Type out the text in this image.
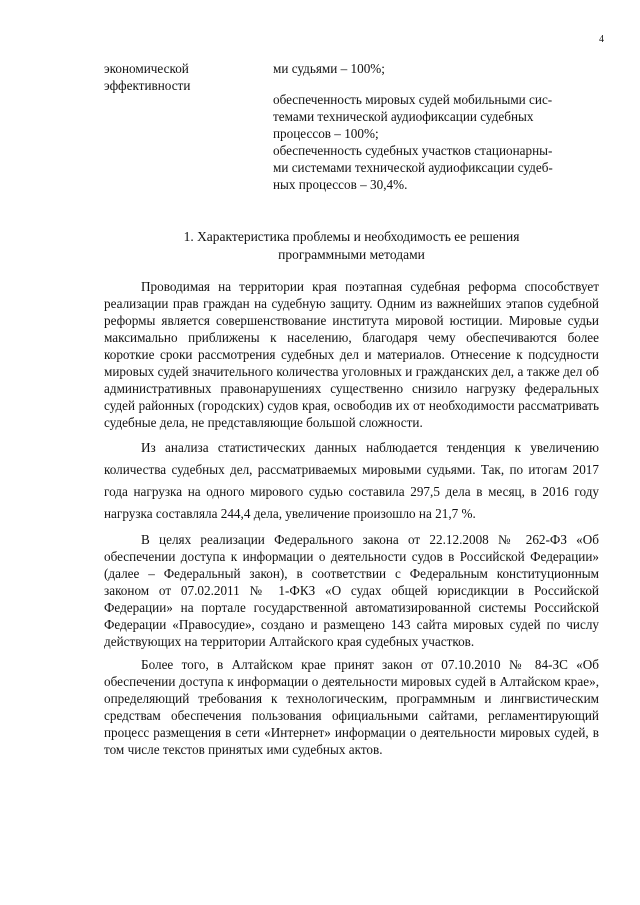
4
экономической
эффективности

ми судьями – 100%;

обеспеченность мировых судей мобильными сис-

темами технической аудиофиксации судебных

процессов – 100%;

обеспеченность судебных участков стационарны-

ми системами технической аудиофиксации судеб-

ных процессов – 30,4%.

1. Характеристика проблемы и необходимость ее решения
программными методами

Проводимая на территории края поэтапная судебная реформа способствует реализации прав граждан на судебную защиту. Одним из важнейших этапов судебной реформы является совершенствование института мировой юстиции. Мировые судьи максимально приближены к населению, благодаря чему обеспечиваются более короткие сроки рассмотрения судебных дел и материалов. Отнесение к подсудности мировых судей значительного количества уголовных и гражданских дел, а также дел об административных правонарушениях существенно снизило нагрузку федеральных судей районных (городских) судов края, освободив их от необходимости рассматривать судебные дела, не представляющие большой сложности.

Из анализа статистических данных наблюдается тенденция к увеличению количества судебных дел, рассматриваемых мировыми судьями. Так, по итогам 2017 года нагрузка на одного мирового судью составила 297,5 дела в месяц, в 2016 году нагрузка составляла 244,4 дела, увеличение произошло на 21,7 %.

В целях реализации Федерального закона от 22.12.2008 № 262-ФЗ «Об обеспечении доступа к информации о деятельности судов в Российской Федерации» (далее – Федеральный закон), в соответствии с Федеральным конституционным законом от 07.02.2011 № 1-ФКЗ «О судах общей юрисдикции в Российской Федерации» на портале государственной автоматизированной системы Российской Федерации «Правосудие», создано и размещено 143 сайта мировых судей по числу действующих на территории Алтайского края судебных участков.

Более того, в Алтайском крае принят закон от 07.10.2010 № 84-ЗС «Об обеспечении доступа к информации о деятельности мировых судей в Алтайском крае», определяющий требования к технологическим, программным и лингвистическим средствам обеспечения пользования официальными сайтами, регламентирующий процесс размещения в сети «Интернет» информации о деятельности мировых судей, в том числе текстов принятых ими судебных актов.
